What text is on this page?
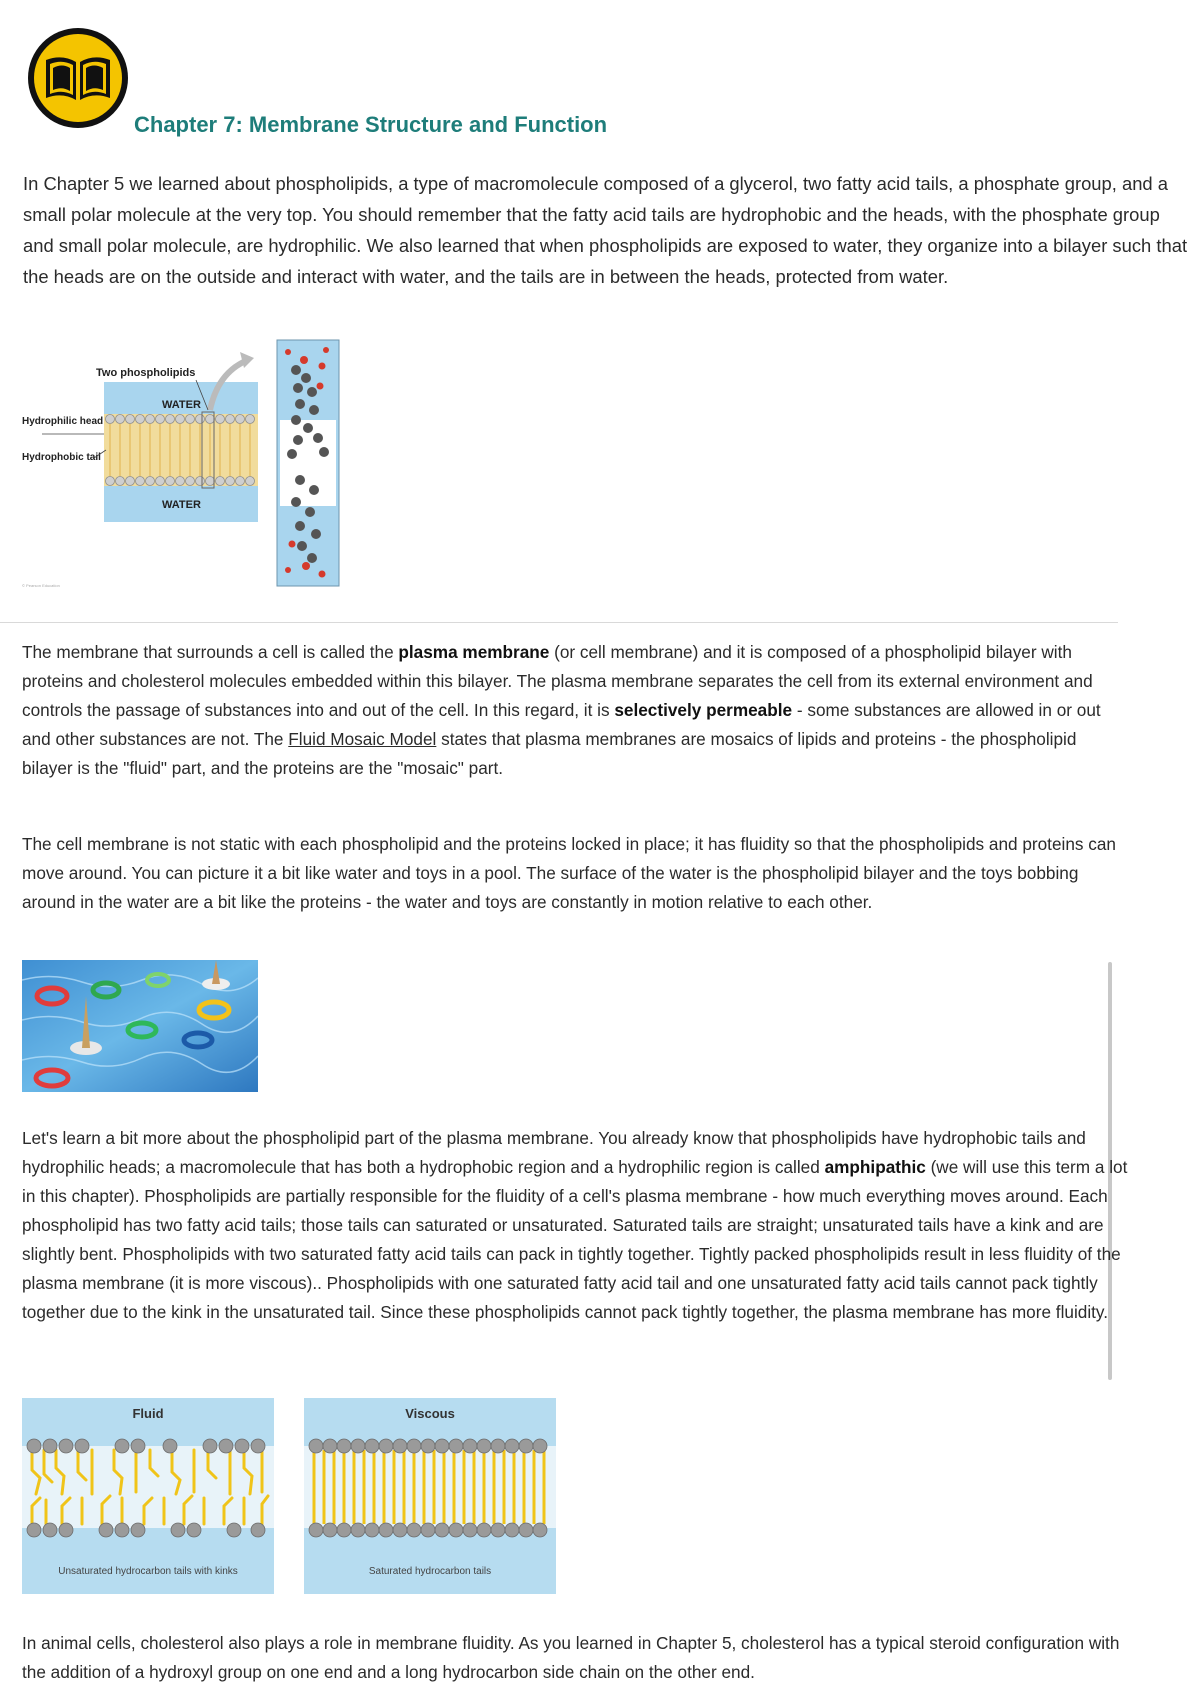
Chapter 7: Membrane Structure and Function

In Chapter 5 we learned about phospholipids, a type of macromolecule composed of a glycerol, two fatty acid tails, a phosphate group, and a small polar molecule at the very top. You should remember that the fatty acid tails are hydrophobic and the heads, with the phosphate group and small polar molecule, are hydrophilic. We also learned that when phospholipids are exposed to water, they organize into a bilayer such that the heads are on the outside and interact with water, and the tails are in between the heads, protected from water.

Two phospholipids
WATER
WATER
Hydrophilic head
Hydrophobic tail
© Pearson Education

The membrane that surrounds a cell is called the plasma membrane (or cell membrane) and it is composed of a phospholipid bilayer with proteins and cholesterol molecules embedded within this bilayer. The plasma membrane separates the cell from its external environment and controls the passage of substances into and out of the cell. In this regard, it is selectively permeable - some substances are allowed in or out and other substances are not. The Fluid Mosaic Model states that plasma membranes are mosaics of lipids and proteins - the phospholipid bilayer is the "fluid" part, and the proteins are the "mosaic" part.

The cell membrane is not static with each phospholipid and the proteins locked in place; it has fluidity so that the phospholipids and proteins can move around. You can picture it a bit like water and toys in a pool. The surface of the water is the phospholipid bilayer and the toys bobbing around in the water are a bit like the proteins - the water and toys are constantly in motion relative to each other.

Let's learn a bit more about the phospholipid part of the plasma membrane. You already know that phospholipids have hydrophobic tails and hydrophilic heads; a macromolecule that has both a hydrophobic region and a hydrophilic region is called amphipathic (we will use this term a lot in this chapter). Phospholipids are partially responsible for the fluidity of a cell's plasma membrane - how much everything moves around. Each phospholipid has two fatty acid tails; those tails can saturated or unsaturated. Saturated tails are straight; unsaturated tails have a kink and are slightly bent. Phospholipids with two saturated fatty acid tails can pack in tightly together. Tightly packed phospholipids result in less fluidity of the plasma membrane (it is more viscous).. Phospholipids with one saturated fatty acid tail and one unsaturated fatty acid tails cannot pack tightly together due to the kink in the unsaturated tail. Since these phospholipids cannot pack tightly together, the plasma membrane has more fluidity.

Fluid	Viscous
Unsaturated hydrocarbon tails with kinks	Saturated hydrocarbon tails

In animal cells, cholesterol also plays a role in membrane fluidity. As you learned in Chapter 5, cholesterol has a typical steroid configuration with the addition of a hydroxyl group on one end and a long hydrocarbon side chain on the other end.
